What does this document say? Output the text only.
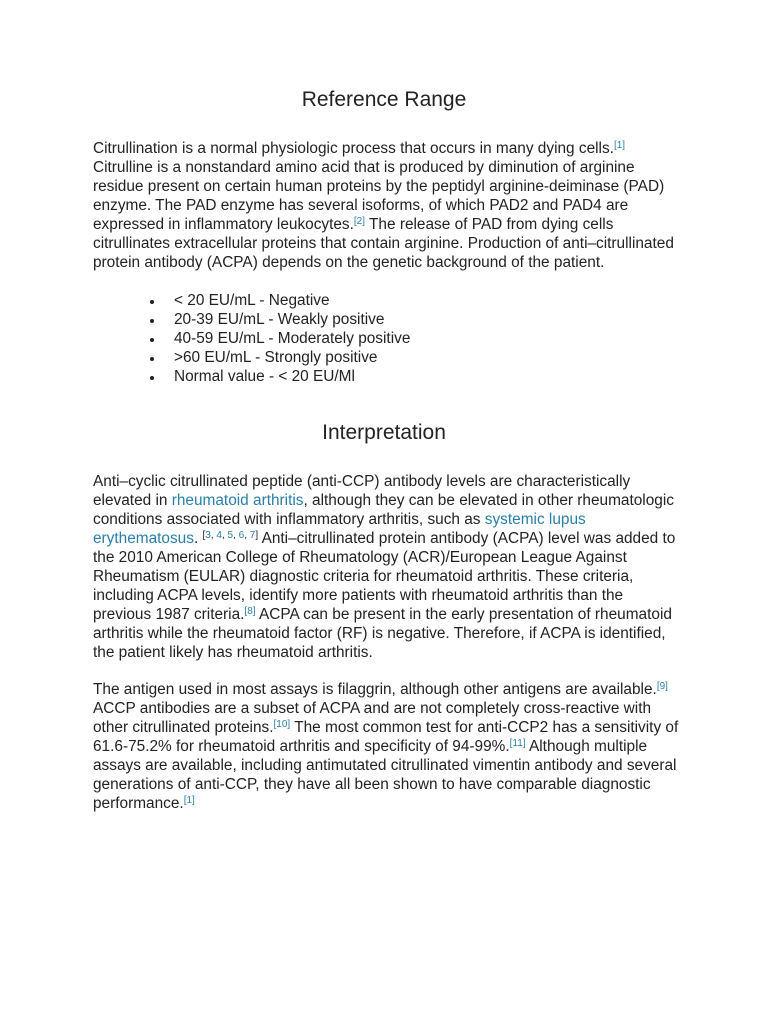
Reference Range
Citrullination is a normal physiologic process that occurs in many dying cells.[1] Citrulline is a nonstandard amino acid that is produced by diminution of arginine residue present on certain human proteins by the peptidyl arginine-deiminase (PAD) enzyme. The PAD enzyme has several isoforms, of which PAD2 and PAD4 are expressed in inflammatory leukocytes.[2] The release of PAD from dying cells citrullinates extracellular proteins that contain arginine. Production of anti–citrullinated protein antibody (ACPA) depends on the genetic background of the patient.
< 20 EU/mL - Negative
20-39 EU/mL - Weakly positive
40-59 EU/mL - Moderately positive
>60 EU/mL - Strongly positive
Normal value - < 20 EU/Ml
Interpretation
Anti–cyclic citrullinated peptide (anti-CCP) antibody levels are characteristically elevated in rheumatoid arthritis, although they can be elevated in other rheumatologic conditions associated with inflammatory arthritis, such as systemic lupus erythematosus. [3, 4, 5, 6, 7] Anti–citrullinated protein antibody (ACPA) level was added to the 2010 American College of Rheumatology (ACR)/European League Against Rheumatism (EULAR) diagnostic criteria for rheumatoid arthritis. These criteria, including ACPA levels, identify more patients with rheumatoid arthritis than the previous 1987 criteria.[8] ACPA can be present in the early presentation of rheumatoid arthritis while the rheumatoid factor (RF) is negative. Therefore, if ACPA is identified, the patient likely has rheumatoid arthritis.
The antigen used in most assays is filaggrin, although other antigens are available.[9] ACCP antibodies are a subset of ACPA and are not completely cross-reactive with other citrullinated proteins.[10] The most common test for anti-CCP2 has a sensitivity of 61.6-75.2% for rheumatoid arthritis and specificity of 94-99%.[11] Although multiple assays are available, including antimutated citrullinated vimentin antibody and several generations of anti-CCP, they have all been shown to have comparable diagnostic performance.[1]
